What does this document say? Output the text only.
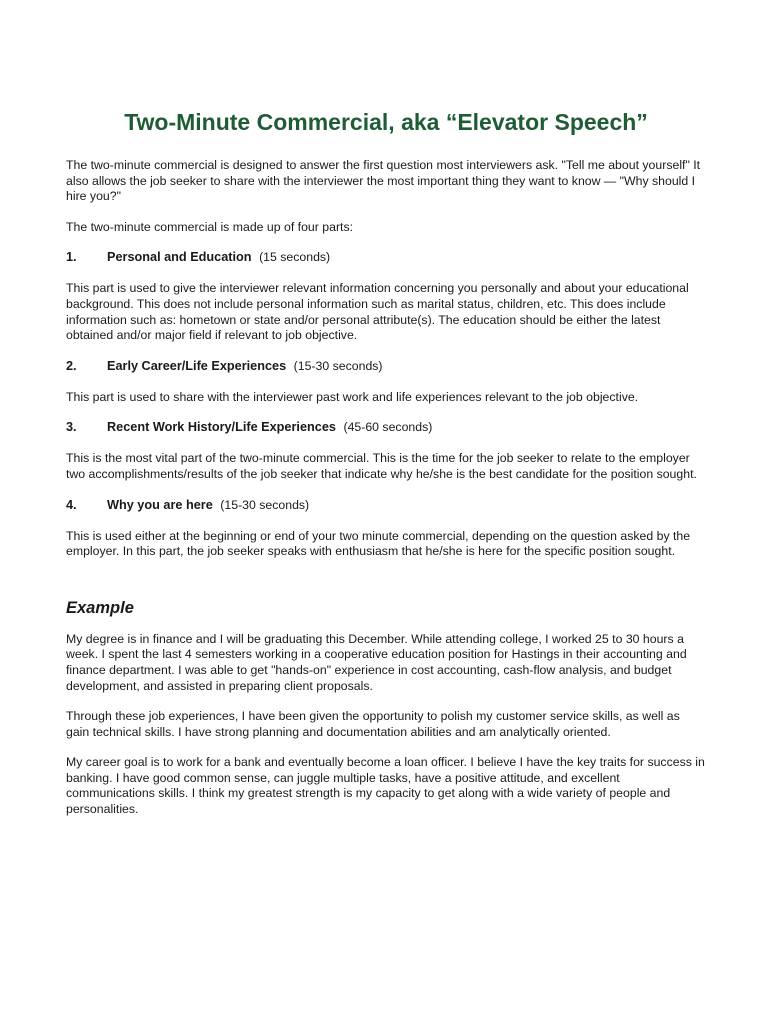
Two-Minute Commercial, aka “Elevator Speech”

The two-minute commercial is designed to answer the first question most interviewers ask. "Tell me about yourself" It also allows the job seeker to share with the interviewer the most important thing they want to know — "Why should I hire you?"

The two-minute commercial is made up of four parts:

1.	Personal and Education (15 seconds)

This part is used to give the interviewer relevant information concerning you personally and about your educational background. This does not include personal information such as marital status, children, etc. This does include information such as: hometown or state and/or personal attribute(s). The education should be either the latest obtained and/or major field if relevant to job objective.

2.	Early Career/Life Experiences (15-30 seconds)

This part is used to share with the interviewer past work and life experiences relevant to the job objective.

3.	Recent Work History/Life Experiences (45-60 seconds)

This is the most vital part of the two-minute commercial. This is the time for the job seeker to relate to the employer two accomplishments/results of the job seeker that indicate why he/she is the best candidate for the position sought.

4.	Why you are here (15-30 seconds)

This is used either at the beginning or end of your two minute commercial, depending on the question asked by the employer. In this part, the job seeker speaks with enthusiasm that he/she is here for the specific position sought.

Example

My degree is in finance and I will be graduating this December. While attending college, I worked 25 to 30 hours a week. I spent the last 4 semesters working in a cooperative education position for Hastings in their accounting and finance department. I was able to get "hands-on" experience in cost accounting, cash-flow analysis, and budget development, and assisted in preparing client proposals.

Through these job experiences, I have been given the opportunity to polish my customer service skills, as well as gain technical skills. I have strong planning and documentation abilities and am analytically oriented.

My career goal is to work for a bank and eventually become a loan officer. I believe I have the key traits for success in banking. I have good common sense, can juggle multiple tasks, have a positive attitude, and excellent communications skills. I think my greatest strength is my capacity to get along with a wide variety of people and personalities.
